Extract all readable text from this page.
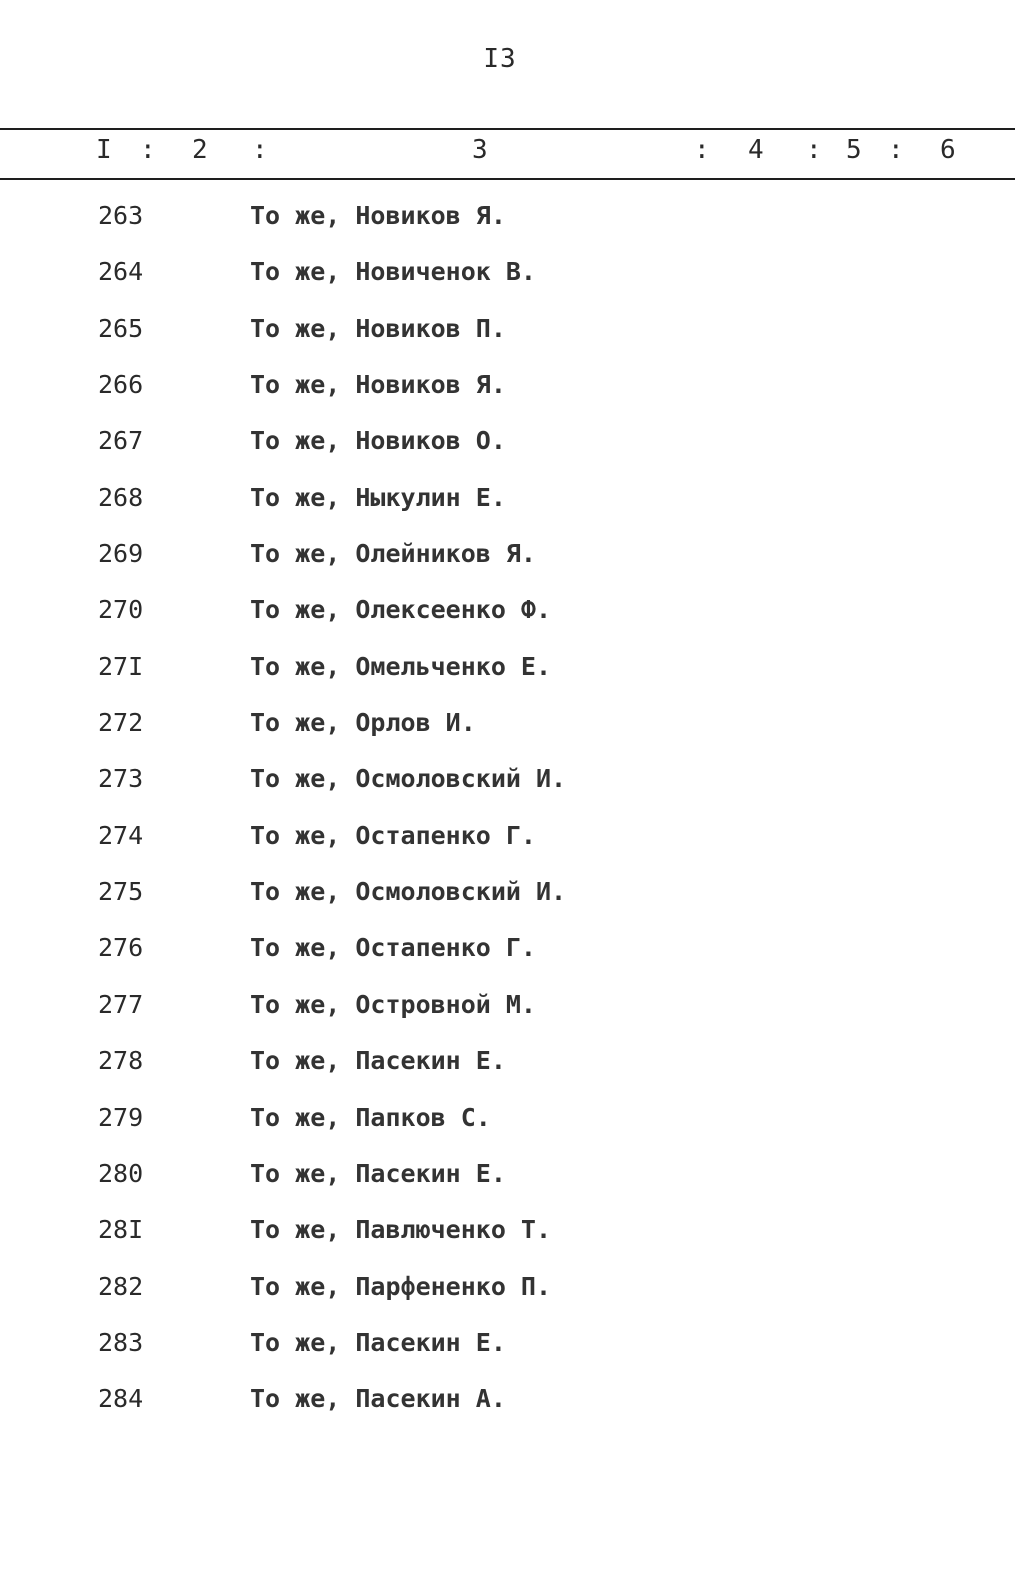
I3
I : 2 :	3	: 4 : 5 : 6
263	То же, Новиков Я.
264	То же, Новиченок В.
265	То же, Новиков П.
266	То же, Новиков Я.
267	То же, Новиков О.
268	То же, Ныкулин Е.
269	То же, Олейников Я.
270	То же, Олексеенко Ф.
27I	То же, Омельченко Е.
272	То же, Орлов И.
273	То же, Осмоловский И.
274	То же, Остапенко Г.
275	То же, Осмоловский И.
276	То же, Остапенко Г.
277	То же, Островной М.
278	То же, Пасекин Е.
279	То же, Папков С.
280	То же, Пасекин Е.
28I	То же, Павлюченко Т.
282	То же, Парфененко П.
283	То же, Пасекин Е.
284	То же, Пасекин А.
